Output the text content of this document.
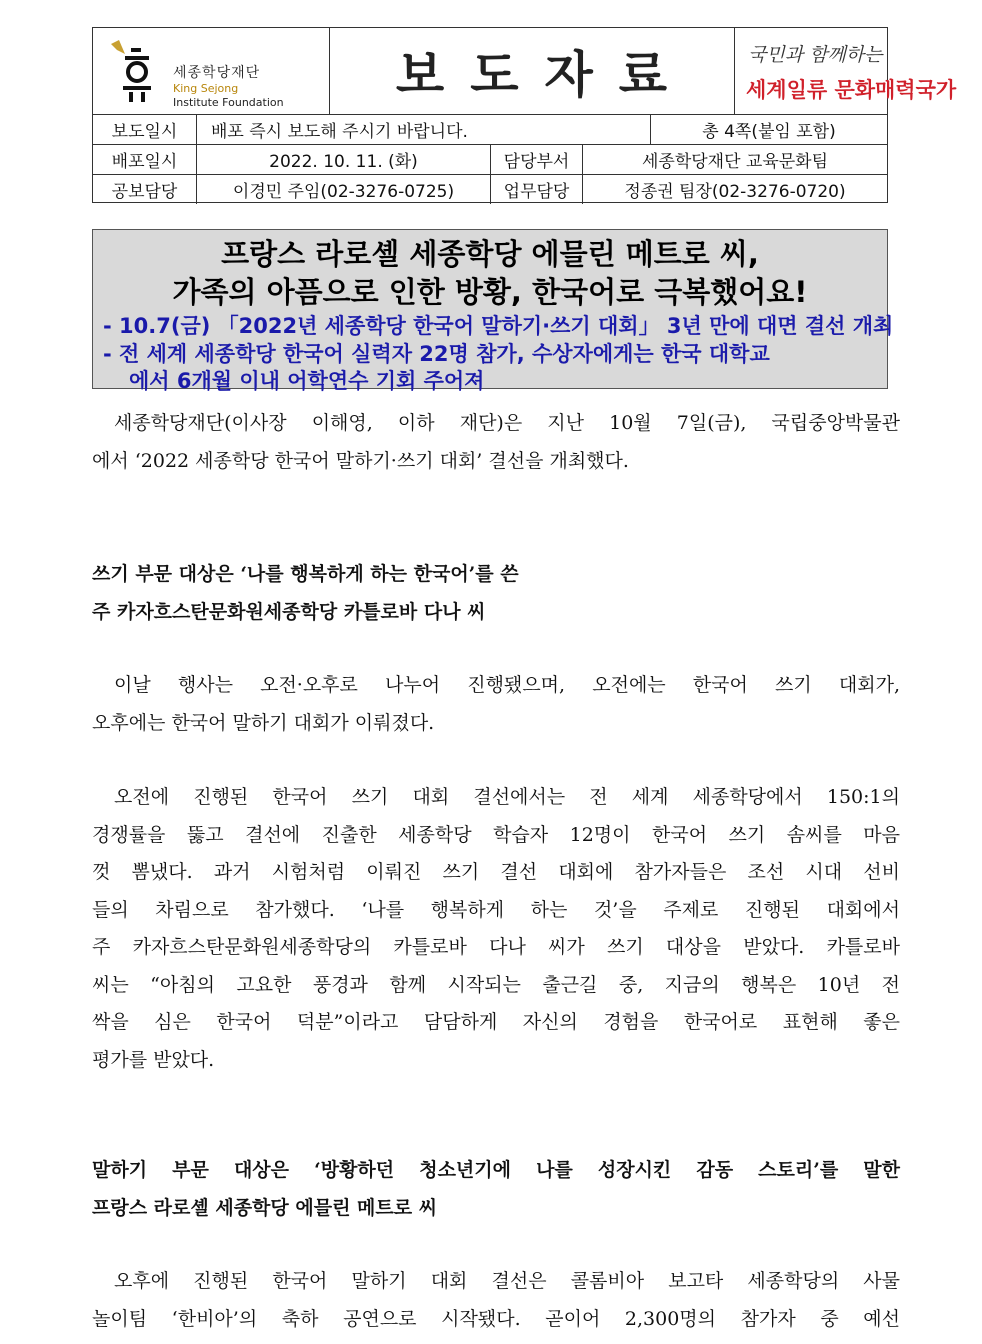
세종학당재단
King Sejong
Institute Foundation	보도자료	국민과 함께하는
세계일류 문화매력국가
보도일시	배포 즉시 보도해 주시기 바랍니다.	총 4쪽(붙임 포함)
배포일시	2022. 10. 11. (화)	담당부서	세종학당재단 교육문화팀
공보담당	이경민 주임(02-3276-0725)	업무담당	정종권 팀장(02-3276-0720)
프랑스 라로셸 세종학당 에믈린 메트로 씨,
가족의 아픔으로 인한 방황, 한국어로 극복했어요!
- 10.7(금) 「2022년 세종학당 한국어 말하기·쓰기 대회」 3년 만에 대면 결선 개최
- 전 세계 세종학당 한국어 실력자 22명 참가, 수상자에게는 한국 대학교
에서 6개월 이내 어학연수 기회 주어져
세종학당재단(이사장 이해영, 이하 재단)은 지난 10월 7일(금), 국립중앙박물관
에서 ‘2022 세종학당 한국어 말하기·쓰기 대회’ 결선을 개최했다.
쓰기 부문 대상은 ‘나를 행복하게 하는 한국어’를 쓴
주 카자흐스탄문화원세종학당 카틀로바 다나 씨
이날 행사는 오전·오후로 나누어 진행됐으며, 오전에는 한국어 쓰기 대회가,
오후에는 한국어 말하기 대회가 이뤄졌다.
오전에 진행된 한국어 쓰기 대회 결선에서는 전 세계 세종학당에서 150:1의
경쟁률을 뚫고 결선에 진출한 세종학당 학습자 12명이 한국어 쓰기 솜씨를 마음
껏 뽐냈다. 과거 시험처럼 이뤄진 쓰기 결선 대회에 참가자들은 조선 시대 선비
들의 차림으로 참가했다. ‘나를 행복하게 하는 것’을 주제로 진행된 대회에서
주 카자흐스탄문화원세종학당의 카틀로바 다나 씨가 쓰기 대상을 받았다. 카틀로바
씨는 “아침의 고요한 풍경과 함께 시작되는 출근길 중, 지금의 행복은 10년 전
싹을 심은 한국어 덕분”이라고 담담하게 자신의 경험을 한국어로 표현해 좋은
평가를 받았다.
말하기 부문 대상은 ‘방황하던 청소년기에 나를 성장시킨 감동 스토리’를 말한
프랑스 라로셸 세종학당 에믈린 메트로 씨
오후에 진행된 한국어 말하기 대회 결선은 콜롬비아 보고타 세종학당의 사물
놀이팀 ‘한비아’의 축하 공연으로 시작됐다. 곧이어 2,300명의 참가자 중 예선
